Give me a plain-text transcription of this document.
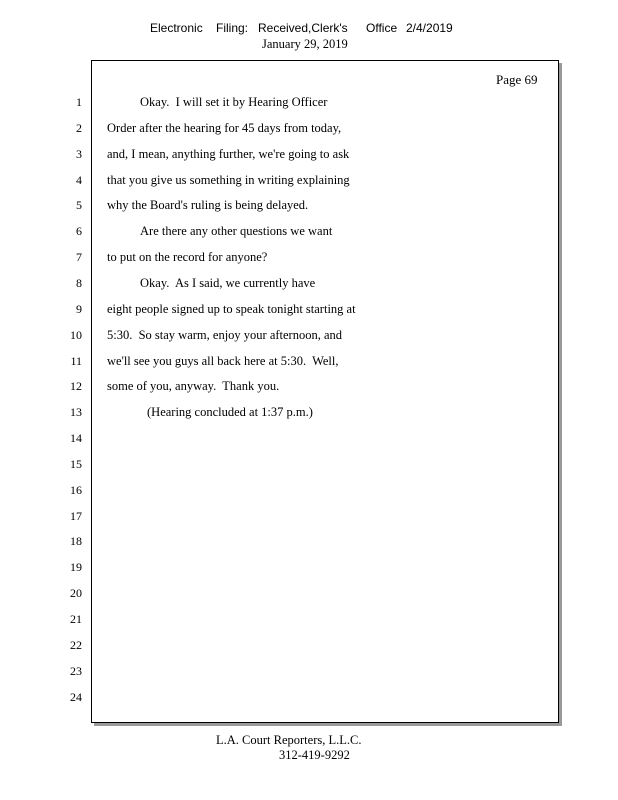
Electronic Filing: Received,Clerk's Office 2/4/2019
January 29, 2019
Page 69
1	Okay.  I will set it by Hearing Officer
2 Order after the hearing for 45 days from today,
3 and, I mean, anything further, we're going to ask
4 that you give us something in writing explaining
5 why the Board's ruling is being delayed.
6	Are there any other questions we want
7 to put on the record for anyone?
8	Okay.  As I said, we currently have
9 eight people signed up to speak tonight starting at
10 5:30.  So stay warm, enjoy your afternoon, and
11 we'll see you guys all back here at 5:30.  Well,
12 some of you, anyway.  Thank you.
13	(Hearing concluded at 1:37 p.m.)
14
15
16
17
18
19
20
21
22
23
24
L.A. Court Reporters, L.L.C.
312-419-9292
